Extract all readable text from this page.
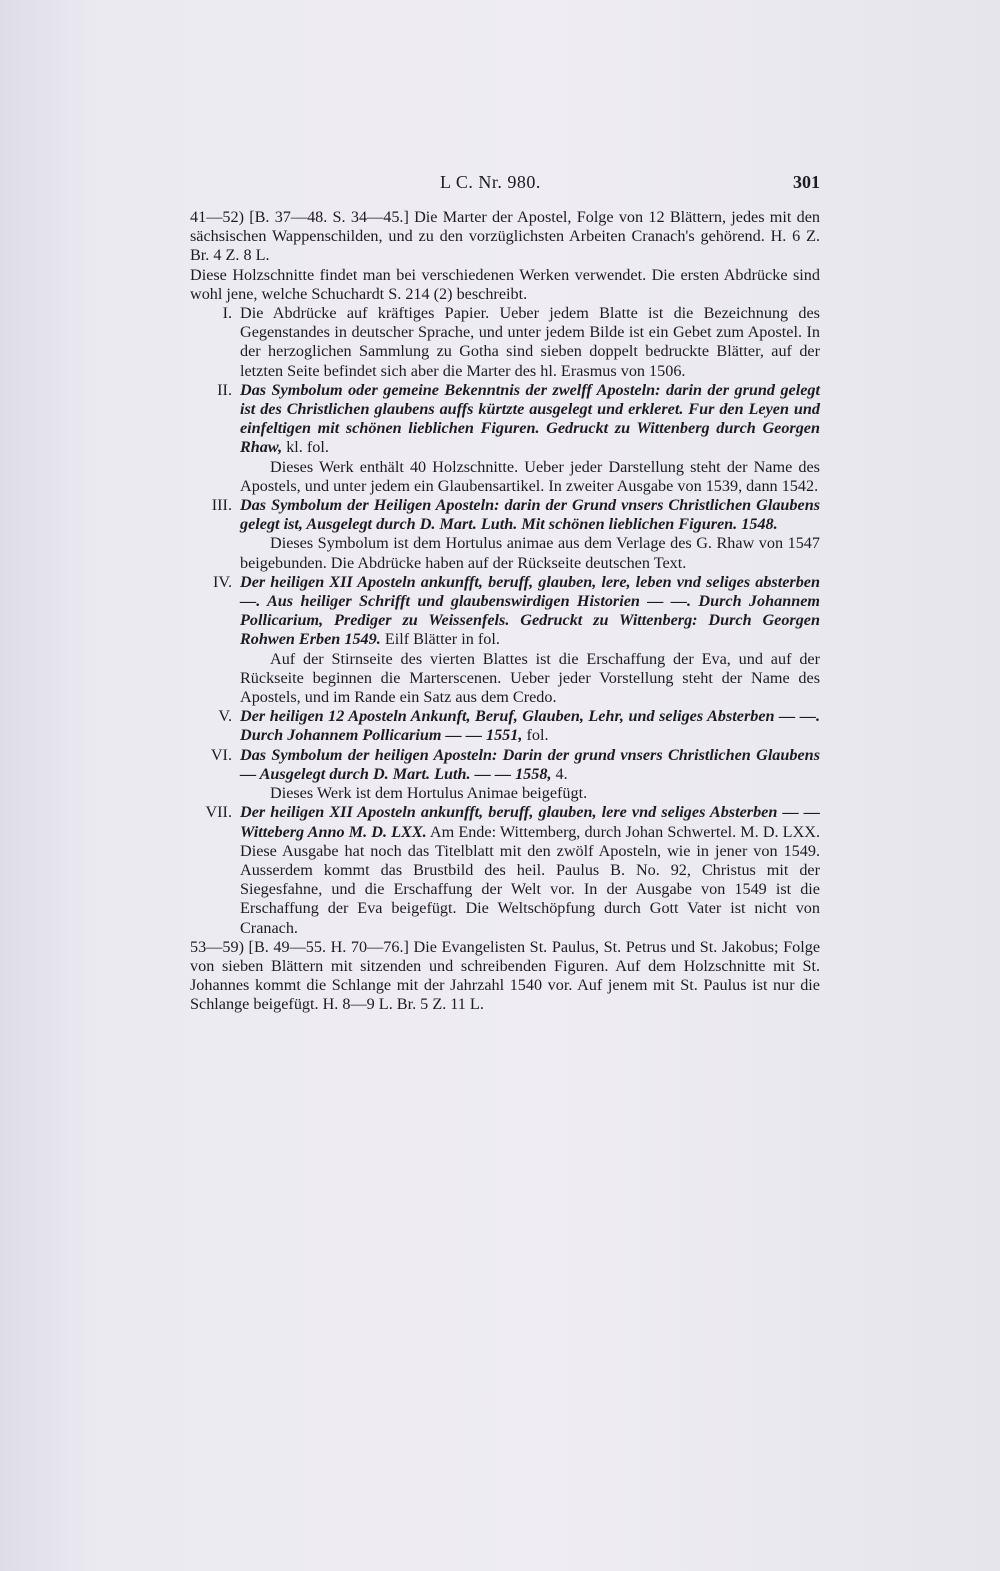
L C. Nr. 980.	301

41—52) [B. 37—48. S. 34—45.] Die Marter der Apostel, Folge von 12 Blättern, jedes mit den sächsischen Wappenschilden, und zu den vorzüglichsten Arbeiten Cranach's gehörend. H. 6 Z. Br. 4 Z. 8 L.

Diese Holzschnitte findet man bei verschiedenen Werken verwendet. Die ersten Abdrücke sind wohl jene, welche Schuchardt S. 214 (2) beschreibt.

I. Die Abdrücke auf kräftiges Papier. Ueber jedem Blatte ist die Bezeichnung des Gegenstandes in deutscher Sprache, und unter jedem Bilde ist ein Gebet zum Apostel. In der herzoglichen Sammlung zu Gotha sind sieben doppelt bedruckte Blätter, auf der letzten Seite befindet sich aber die Marter des hl. Erasmus von 1506.

II. Das Symbolum oder gemeine Bekenntnis der zwelff Aposteln: darin der grund gelegt ist des Christlichen glaubens auffs kürtzte ausgelegt und erkleret. Fur den Leyen und einfeltigen mit schönen lieblichen Figuren. Gedruckt zu Wittenberg durch Georgen Rhaw, kl. fol.

Dieses Werk enthält 40 Holzschnitte. Ueber jeder Darstellung steht der Name des Apostels, und unter jedem ein Glaubensartikel. In zweiter Ausgabe von 1539, dann 1542.

III. Das Symbolum der Heiligen Aposteln: darin der Grund vnsers Christlichen Glaubens gelegt ist, Ausgelegt durch D. Mart. Luth. Mit schönen lieblichen Figuren. 1548.

Dieses Symbolum ist dem Hortulus animae aus dem Verlage des G. Rhaw von 1547 beigebunden. Die Abdrücke haben auf der Rückseite deutschen Text.

IV. Der heiligen XII Aposteln ankunfft, beruff, glauben, lere, leben vnd seliges absterben —. Aus heiliger Schrifft und glaubenswirdigen Historien — —. Durch Johannem Pollicarium, Prediger zu Weissenfels. Gedruckt zu Wittenberg: Durch Georgen Rohwen Erben 1549. Eilf Blätter in fol.

Auf der Stirnseite des vierten Blattes ist die Erschaffung der Eva, und auf der Rückseite beginnen die Marterscenen. Ueber jeder Vorstellung steht der Name des Apostels, und im Rande ein Satz aus dem Credo.

V. Der heiligen 12 Aposteln Ankunft, Beruf, Glauben, Lehr, und seliges Absterben — —. Durch Johannem Pollicarium — — 1551, fol.

VI. Das Symbolum der heiligen Aposteln: Darin der grund vnsers Christlichen Glaubens — Ausgelegt durch D. Mart. Luth. — — 1558, 4.

Dieses Werk ist dem Hortulus Animae beigefügt.

VII. Der heiligen XII Aposteln ankunfft, beruff, glauben, lere vnd seliges Absterben — — Witteberg Anno M. D. LXX. Am Ende: Wittemberg, durch Johan Schwertel. M. D. LXX. Diese Ausgabe hat noch das Titelblatt mit den zwölf Aposteln, wie in jener von 1549. Ausserdem kommt das Brustbild des heil. Paulus B. No. 92, Christus mit der Siegesfahne, und die Erschaffung der Welt vor. In der Ausgabe von 1549 ist die Erschaffung der Eva beigefügt. Die Weltschöpfung durch Gott Vater ist nicht von Cranach.

53—59) [B. 49—55. H. 70—76.] Die Evangelisten St. Paulus, St. Petrus und St. Jakobus; Folge von sieben Blättern mit sitzenden und schreibenden Figuren. Auf dem Holzschnitte mit St. Johannes kommt die Schlange mit der Jahrzahl 1540 vor. Auf jenem mit St. Paulus ist nur die Schlange beigefügt. H. 8—9 L. Br. 5 Z. 11 L.
